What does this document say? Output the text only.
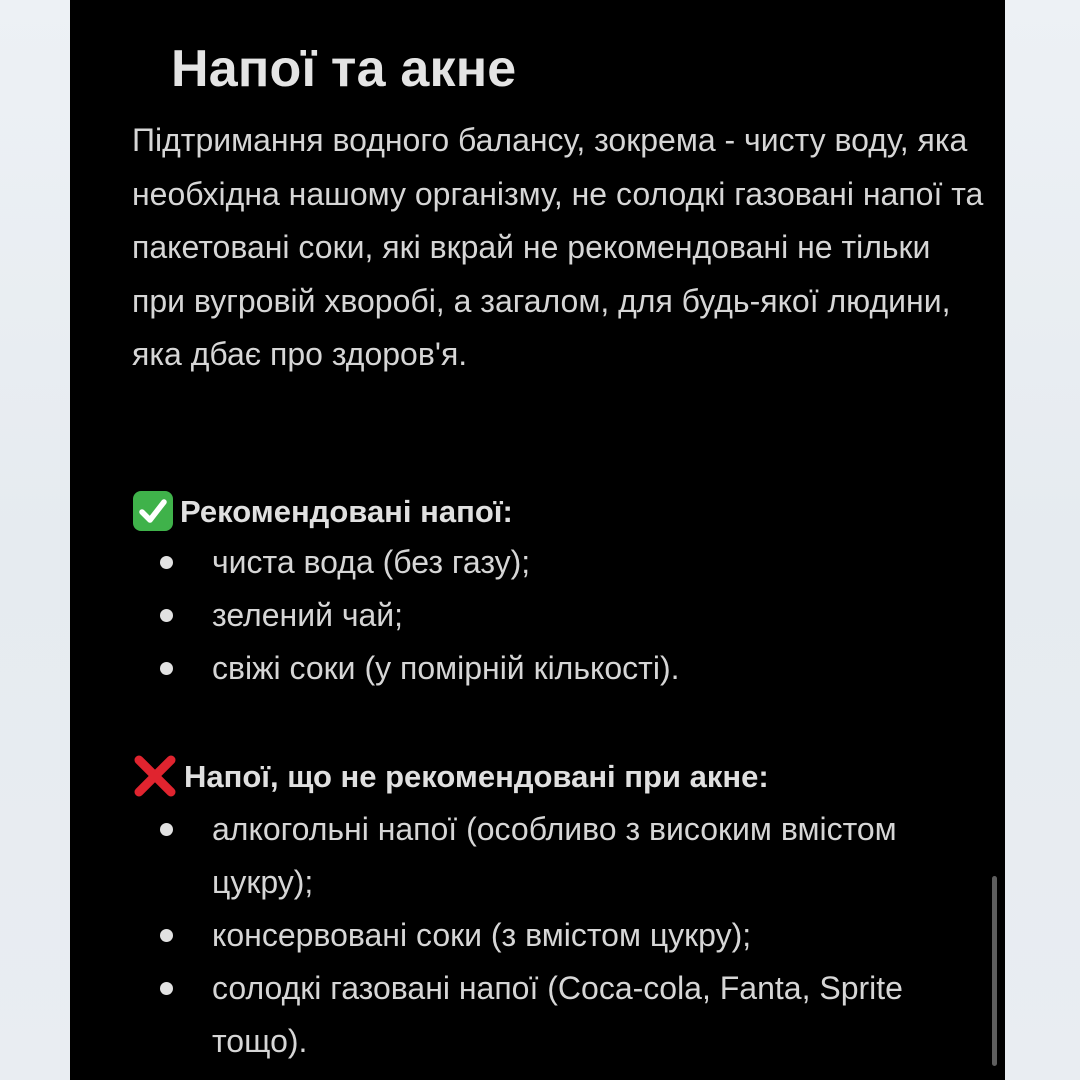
Напої та акне

Підтримання водного балансу, зокрема - чисту воду, яка необхідна нашому організму, не солодкі газовані напої та пакетовані соки, які вкрай не рекомендовані не тільки при вугровій хворобі, а загалом, для будь-якої людини, яка дбає про здоров'я.

Рекомендовані напої:
чиста вода (без газу);
зелений чай;
свіжі соки (у помірній кількості).
Напої, що не рекомендовані при акне:
алкогольні напої (особливо з високим вмістом цукру);
консервовані соки (з вмістом цукру);
солодкі газовані напої (Coca-cola, Fanta, Sprite тощо).
